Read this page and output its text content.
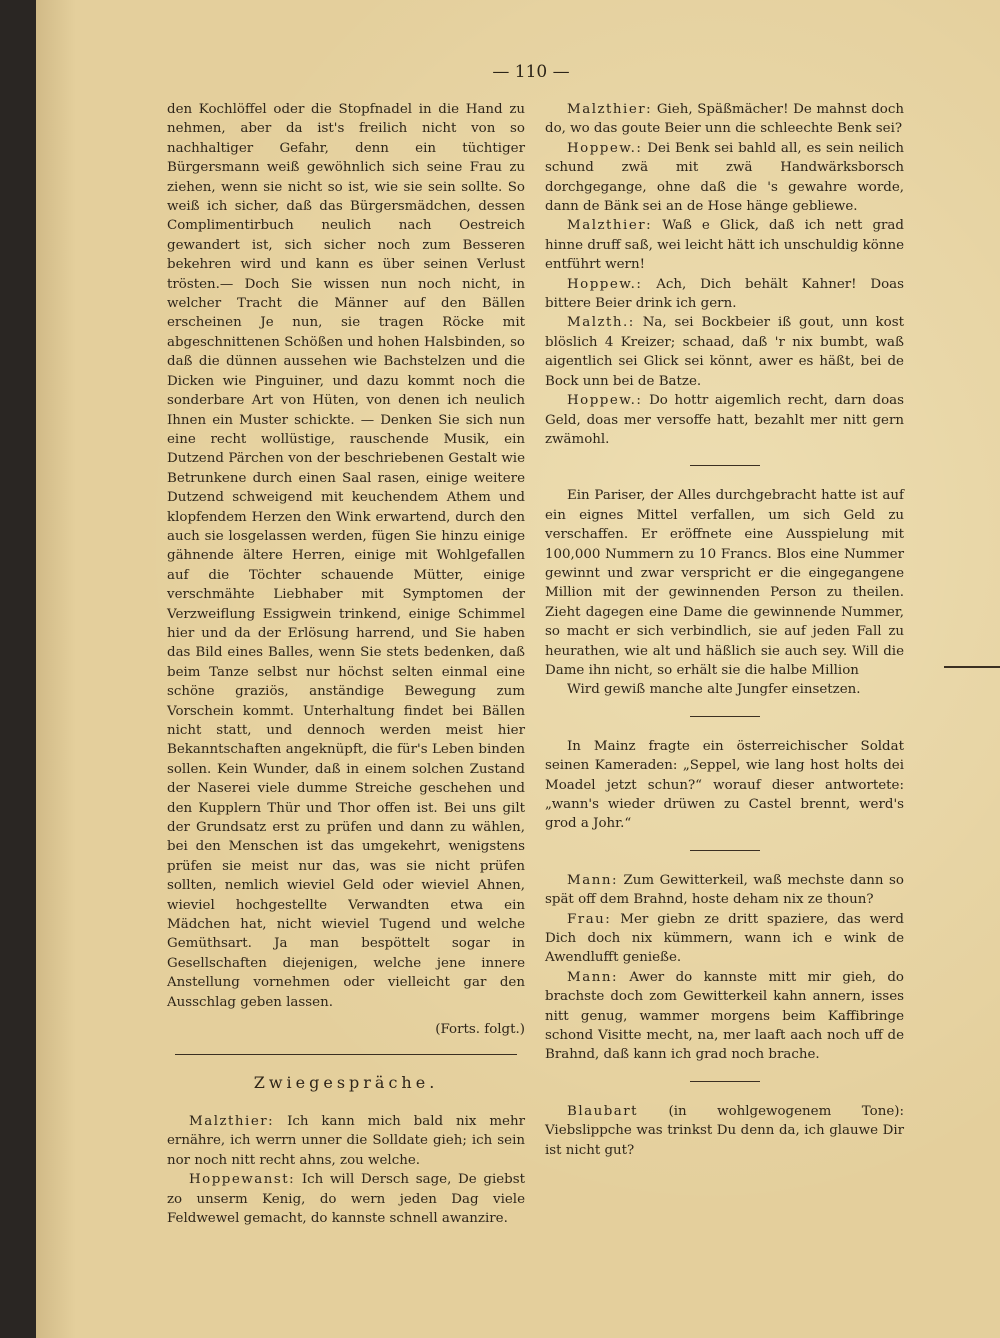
— 110 —

den Kochlöffel oder die Stopfnadel in die Hand zu nehmen, aber da ist's freilich nicht von so nachhaltiger Gefahr, denn ein tüchtiger Bürgersmann weiß gewöhnlich sich seine Frau zu ziehen, wenn sie nicht so ist, wie sie sein sollte. So weiß ich sicher, daß das Bürgersmädchen, dessen Complimentirbuch neulich nach Oestreich gewandert ist, sich sicher noch zum Besseren bekehren wird und kann es über seinen Verlust trösten.— Doch Sie wissen nun noch nicht, in welcher Tracht die Männer auf den Bällen erscheinen Je nun, sie tragen Röcke mit abgeschnittenen Schößen und hohen Halsbinden, so daß die dünnen aussehen wie Bachstelzen und die Dicken wie Pinguiner, und dazu kommt noch die sonderbare Art von Hüten, von denen ich neulich Ihnen ein Muster schickte. — Denken Sie sich nun eine recht wollüstige, rauschende Musik, ein Dutzend Pärchen von der beschriebenen Gestalt wie Betrunkene durch einen Saal rasen, einige weitere Dutzend schweigend mit keuchendem Athem und klopfendem Herzen den Wink erwartend, durch den auch sie losgelassen werden, fügen Sie hinzu einige gähnende ältere Herren, einige mit Wohlgefallen auf die Töchter schauende Mütter, einige verschmähte Liebhaber mit Symptomen der Verzweiflung Essigwein trinkend, einige Schimmel hier und da der Erlösung harrend, und Sie haben das Bild eines Balles, wenn Sie stets bedenken, daß beim Tanze selbst nur höchst selten einmal eine schöne graziös, anständige Bewegung zum Vorschein kommt. Unterhaltung findet bei Bällen nicht statt, und dennoch werden meist hier Bekanntschaften angeknüpft, die für's Leben binden sollen. Kein Wunder, daß in einem solchen Zustand der Naserei viele dumme Streiche geschehen und den Kupplern Thür und Thor offen ist. Bei uns gilt der Grundsatz erst zu prüfen und dann zu wählen, bei den Menschen ist das umgekehrt, wenigstens prüfen sie meist nur das, was sie nicht prüfen sollten, nemlich wieviel Geld oder wieviel Ahnen, wieviel hochgestellte Verwandten etwa ein Mädchen hat, nicht wieviel Tugend und welche Gemüthsart. Ja man bespöttelt sogar in Gesellschaften diejenigen, welche jene innere Anstellung vornehmen oder vielleicht gar den Ausschlag geben lassen.

(Forts. folgt.)

Zwiegespräche.

Malzthier: Ich kann mich bald nix mehr ernähre, ich werrn unner die Solldate gieh; ich sein nor noch nitt recht ahns, zou welche.

Hoppewanst: Ich will Dersch sage, De giebst zo unserm Kenig, do wern jeden Dag viele Feldwewel gemacht, do kannste schnell awanzire.

Malzthier: Gieh, Späßmächer! De mahnst doch do, wo das goute Beier unn die schleechte Benk sei?

Hoppew.: Dei Benk sei bahld all, es sein neilich schund zwä mit zwä Handwärksborsch dorchgegange, ohne daß die 's gewahre worde, dann de Bänk sei an de Hose hänge gebliewe.

Malzthier: Waß e Glick, daß ich nett grad hinne druff saß, wei leicht hätt ich unschuldig könne entführt wern!

Hoppew.: Ach, Dich behält Kahner! Doas bittere Beier drink ich gern.

Malzth.: Na, sei Bockbeier iß gout, unn kost blöslich 4 Kreizer; schaad, daß 'r nix bumbt, waß aigentlich sei Glick sei könnt, awer es häßt, bei de Bock unn bei de Batze.

Hoppew.: Do hottr aigemlich recht, darn doas Geld, doas mer versoffe hatt, bezahlt mer nitt gern zwämohl.

Ein Pariser, der Alles durchgebracht hatte ist auf ein eignes Mittel verfallen, um sich Geld zu verschaffen. Er eröffnete eine Ausspielung mit 100,000 Nummern zu 10 Francs. Blos eine Nummer gewinnt und zwar verspricht er die eingegangene Million mit der gewinnenden Person zu theilen. Zieht dagegen eine Dame die gewinnende Nummer, so macht er sich verbindlich, sie auf jeden Fall zu heurathen, wie alt und häßlich sie auch sey. Will die Dame ihn nicht, so erhält sie die halbe Million

Wird gewiß manche alte Jungfer einsetzen.

In Mainz fragte ein österreichischer Soldat seinen Kameraden: „Seppel, wie lang host holts dei Moadel jetzt schun?“ worauf dieser antwortete: „wann's wieder drüwen zu Castel brennt, werd's grod a Johr.“

Mann: Zum Gewitterkeil, waß mechste dann so spät off dem Brahnd, hoste deham nix ze thoun?

Frau: Mer giebn ze dritt spaziere, das werd Dich doch nix kümmern, wann ich e wink de Awendlufft genieße.

Mann: Awer do kannste mitt mir gieh, do brachste doch zom Gewitterkeil kahn annern, isses nitt genug, wammer morgens beim Kaffibringe schond Visitte mecht, na, mer laaft aach noch uff de Brahnd, daß kann ich grad noch brache.

Blaubart (in wohlgewogenem Tone): Viebslippche was trinkst Du denn da, ich glauwe Dir ist nicht gut?
